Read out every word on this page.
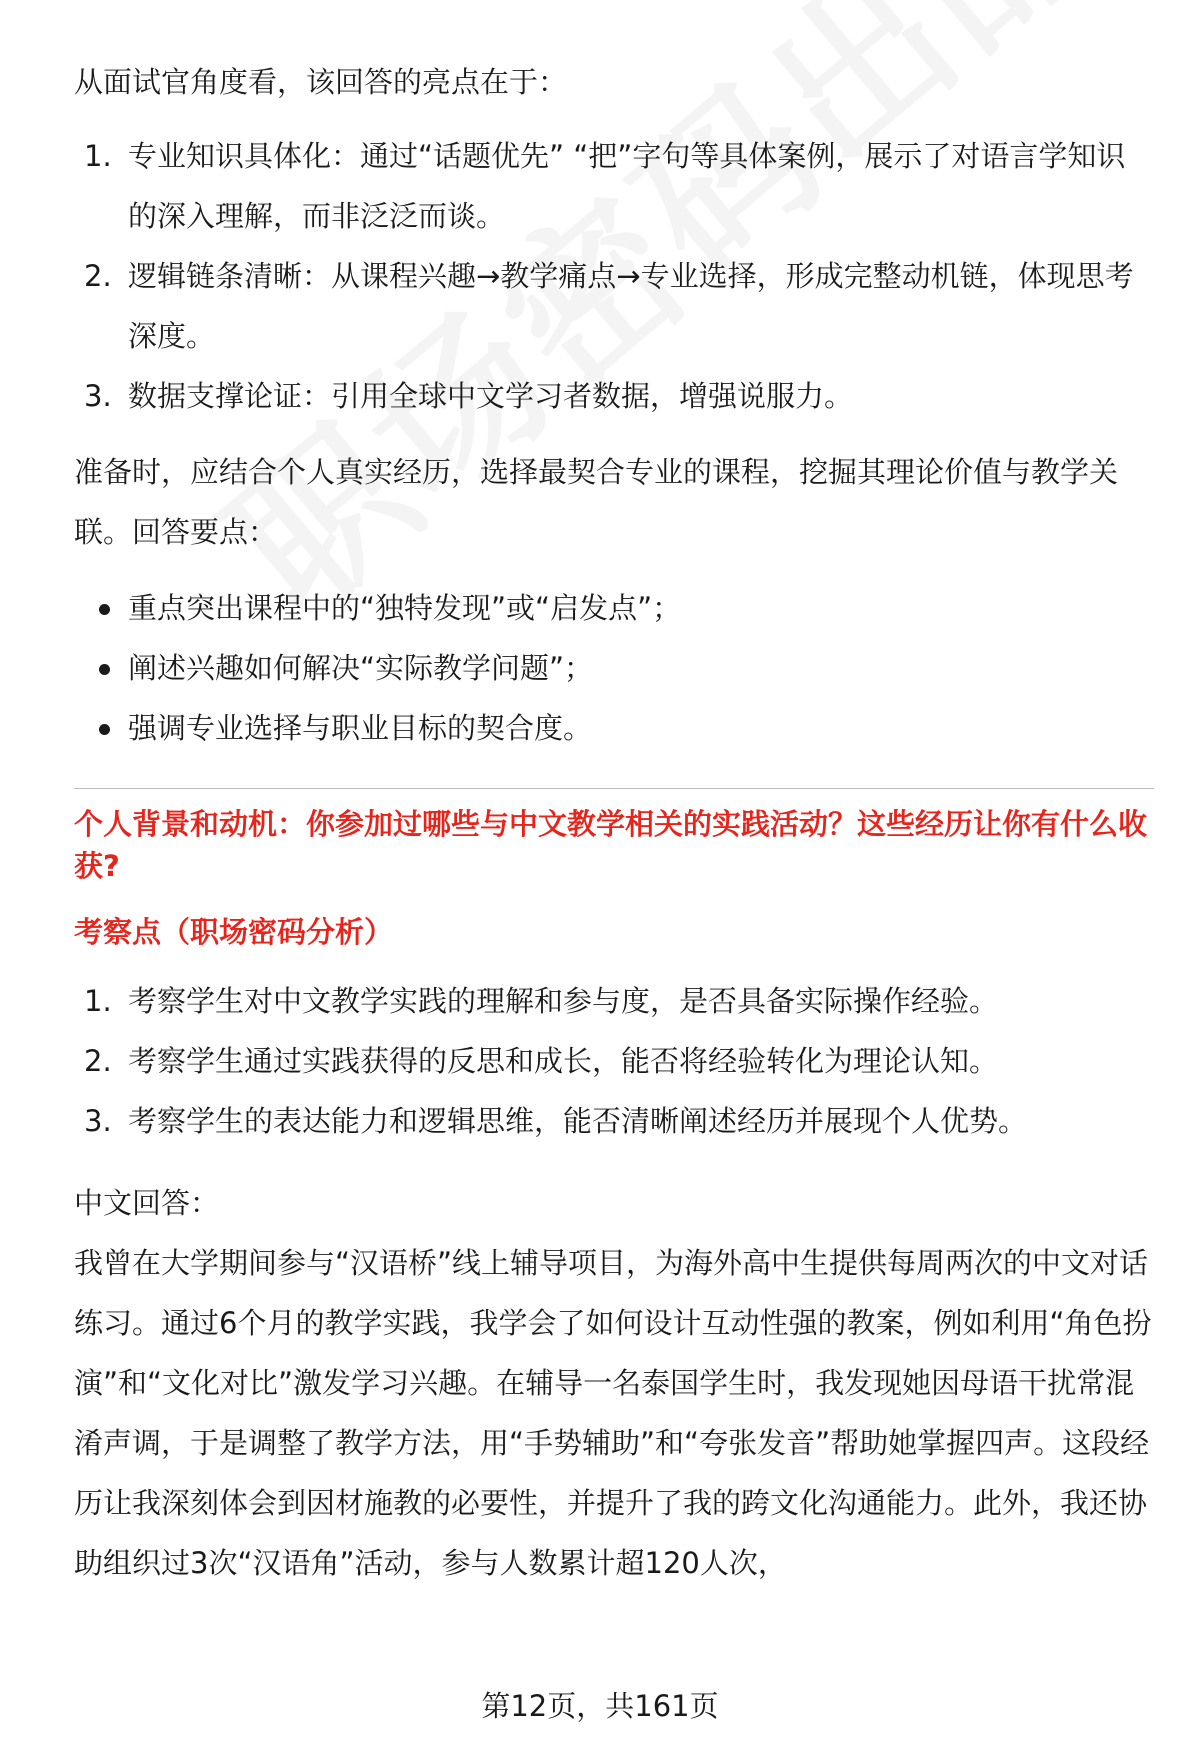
从面试官角度看，该回答的亮点在于：

1. 专业知识具体化：通过“话题优先” “把”字句等具体案例，展示了对语言学知识的深入理解，而非泛泛而谈。
2. 逻辑链条清晰：从课程兴趣→教学痛点→专业选择，形成完整动机链，体现思考深度。
3. 数据支撑论证：引用全球中文学习者数据，增强说服力。

准备时，应结合个人真实经历，选择最契合专业的课程，挖掘其理论价值与教学关联。回答要点：

重点突出课程中的“独特发现”或“启发点”；
阐述兴趣如何解决“实际教学问题”；
强调专业选择与职业目标的契合度。

个人背景和动机：你参加过哪些与中文教学相关的实践活动？这些经历让你有什么收获?

考察点（职场密码分析）

1. 考察学生对中文教学实践的理解和参与度，是否具备实际操作经验。
2. 考察学生通过实践获得的反思和成长，能否将经验转化为理论认知。
3. 考察学生的表达能力和逻辑思维，能否清晰阐述经历并展现个人优势。

中文回答：

我曾在大学期间参与“汉语桥”线上辅导项目，为海外高中生提供每周两次的中文对话练习。通过6个月的教学实践，我学会了如何设计互动性强的教案，例如利用“角色扮演”和“文化对比”激发学习兴趣。在辅导一名泰国学生时，我发现她因母语干扰常混淆声调，于是调整了教学方法，用“手势辅助”和“夸张发音”帮助她掌握四声。这段经历让我深刻体会到因材施教的必要性，并提升了我的跨文化沟通能力。此外，我还协助组织过3次“汉语角”活动，参与人数累计超120人次，

第12页，共161页
